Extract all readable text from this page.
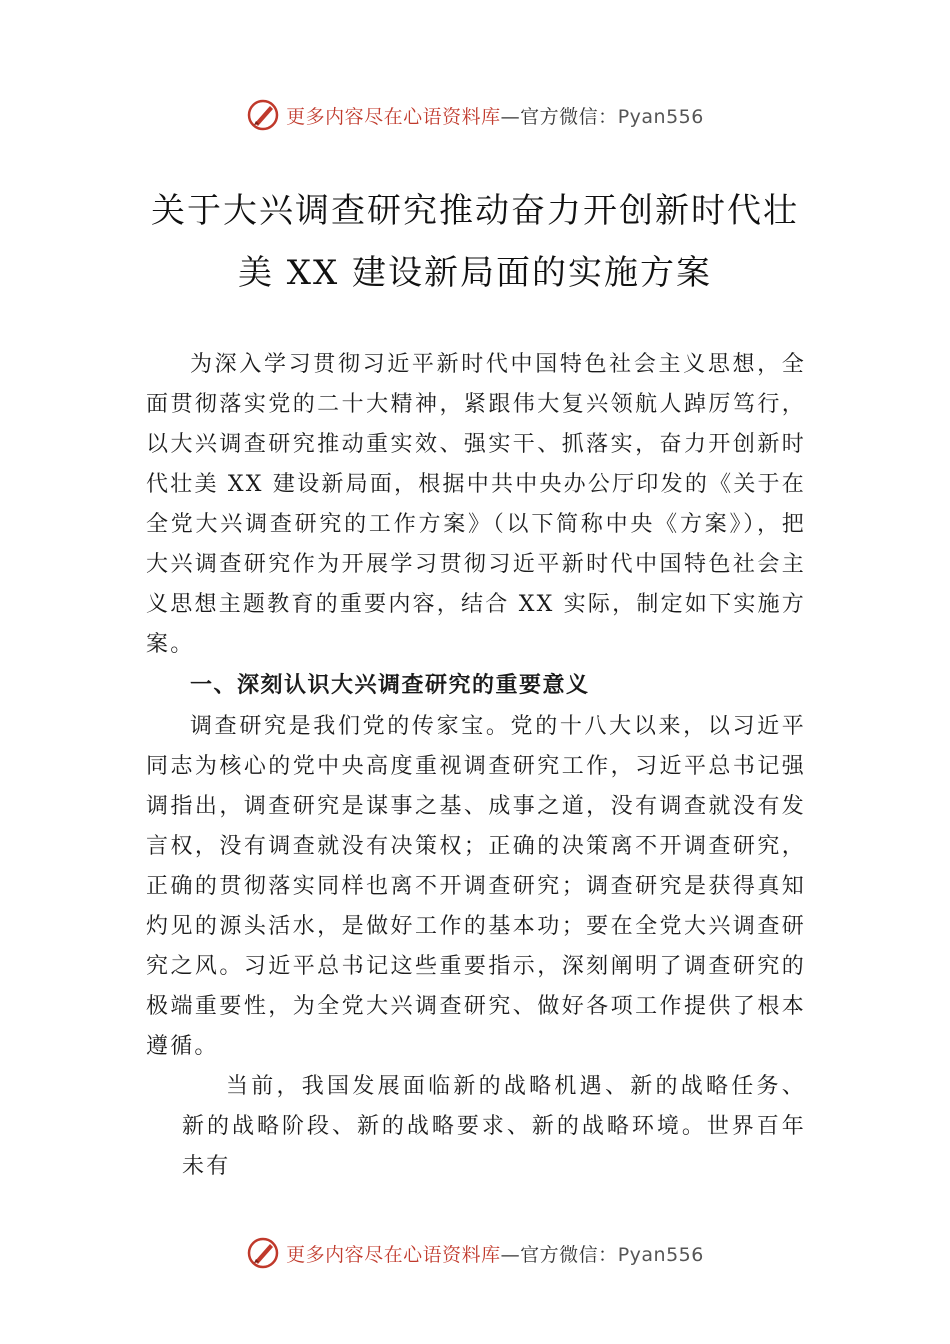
更多内容尽在心语资料库—官方微信：Pyan556
关于大兴调查研究推动奋力开创新时代壮
美 XX 建设新局面的实施方案

为深入学习贯彻习近平新时代中国特色社会主义思想，全面贯彻落实党的二十大精神，紧跟伟大复兴领航人踔厉笃行，以大兴调查研究推动重实效、强实干、抓落实，奋力开创新时代壮美 XX 建设新局面，根据中共中央办公厅印发的《关于在全党大兴调查研究的工作方案》（以下简称中央《方案》），把大兴调查研究作为开展学习贯彻习近平新时代中国特色社会主义思想主题教育的重要内容，结合 XX 实际，制定如下实施方案。

一、深刻认识大兴调查研究的重要意义

调查研究是我们党的传家宝。党的十八大以来，以习近平同志为核心的党中央高度重视调查研究工作，习近平总书记强调指出，调查研究是谋事之基、成事之道，没有调查就没有发言权，没有调查就没有决策权；正确的决策离不开调查研究，正确的贯彻落实同样也离不开调查研究；调查研究是获得真知灼见的源头活水，是做好工作的基本功；要在全党大兴调查研究之风。习近平总书记这些重要指示，深刻阐明了调查研究的极端重要性，为全党大兴调查研究、做好各项工作提供了根本遵循。

当前，我国发展面临新的战略机遇、新的战略任务、新的战略阶段、新的战略要求、新的战略环境。世界百年未有

更多内容尽在心语资料库—官方微信：Pyan556
